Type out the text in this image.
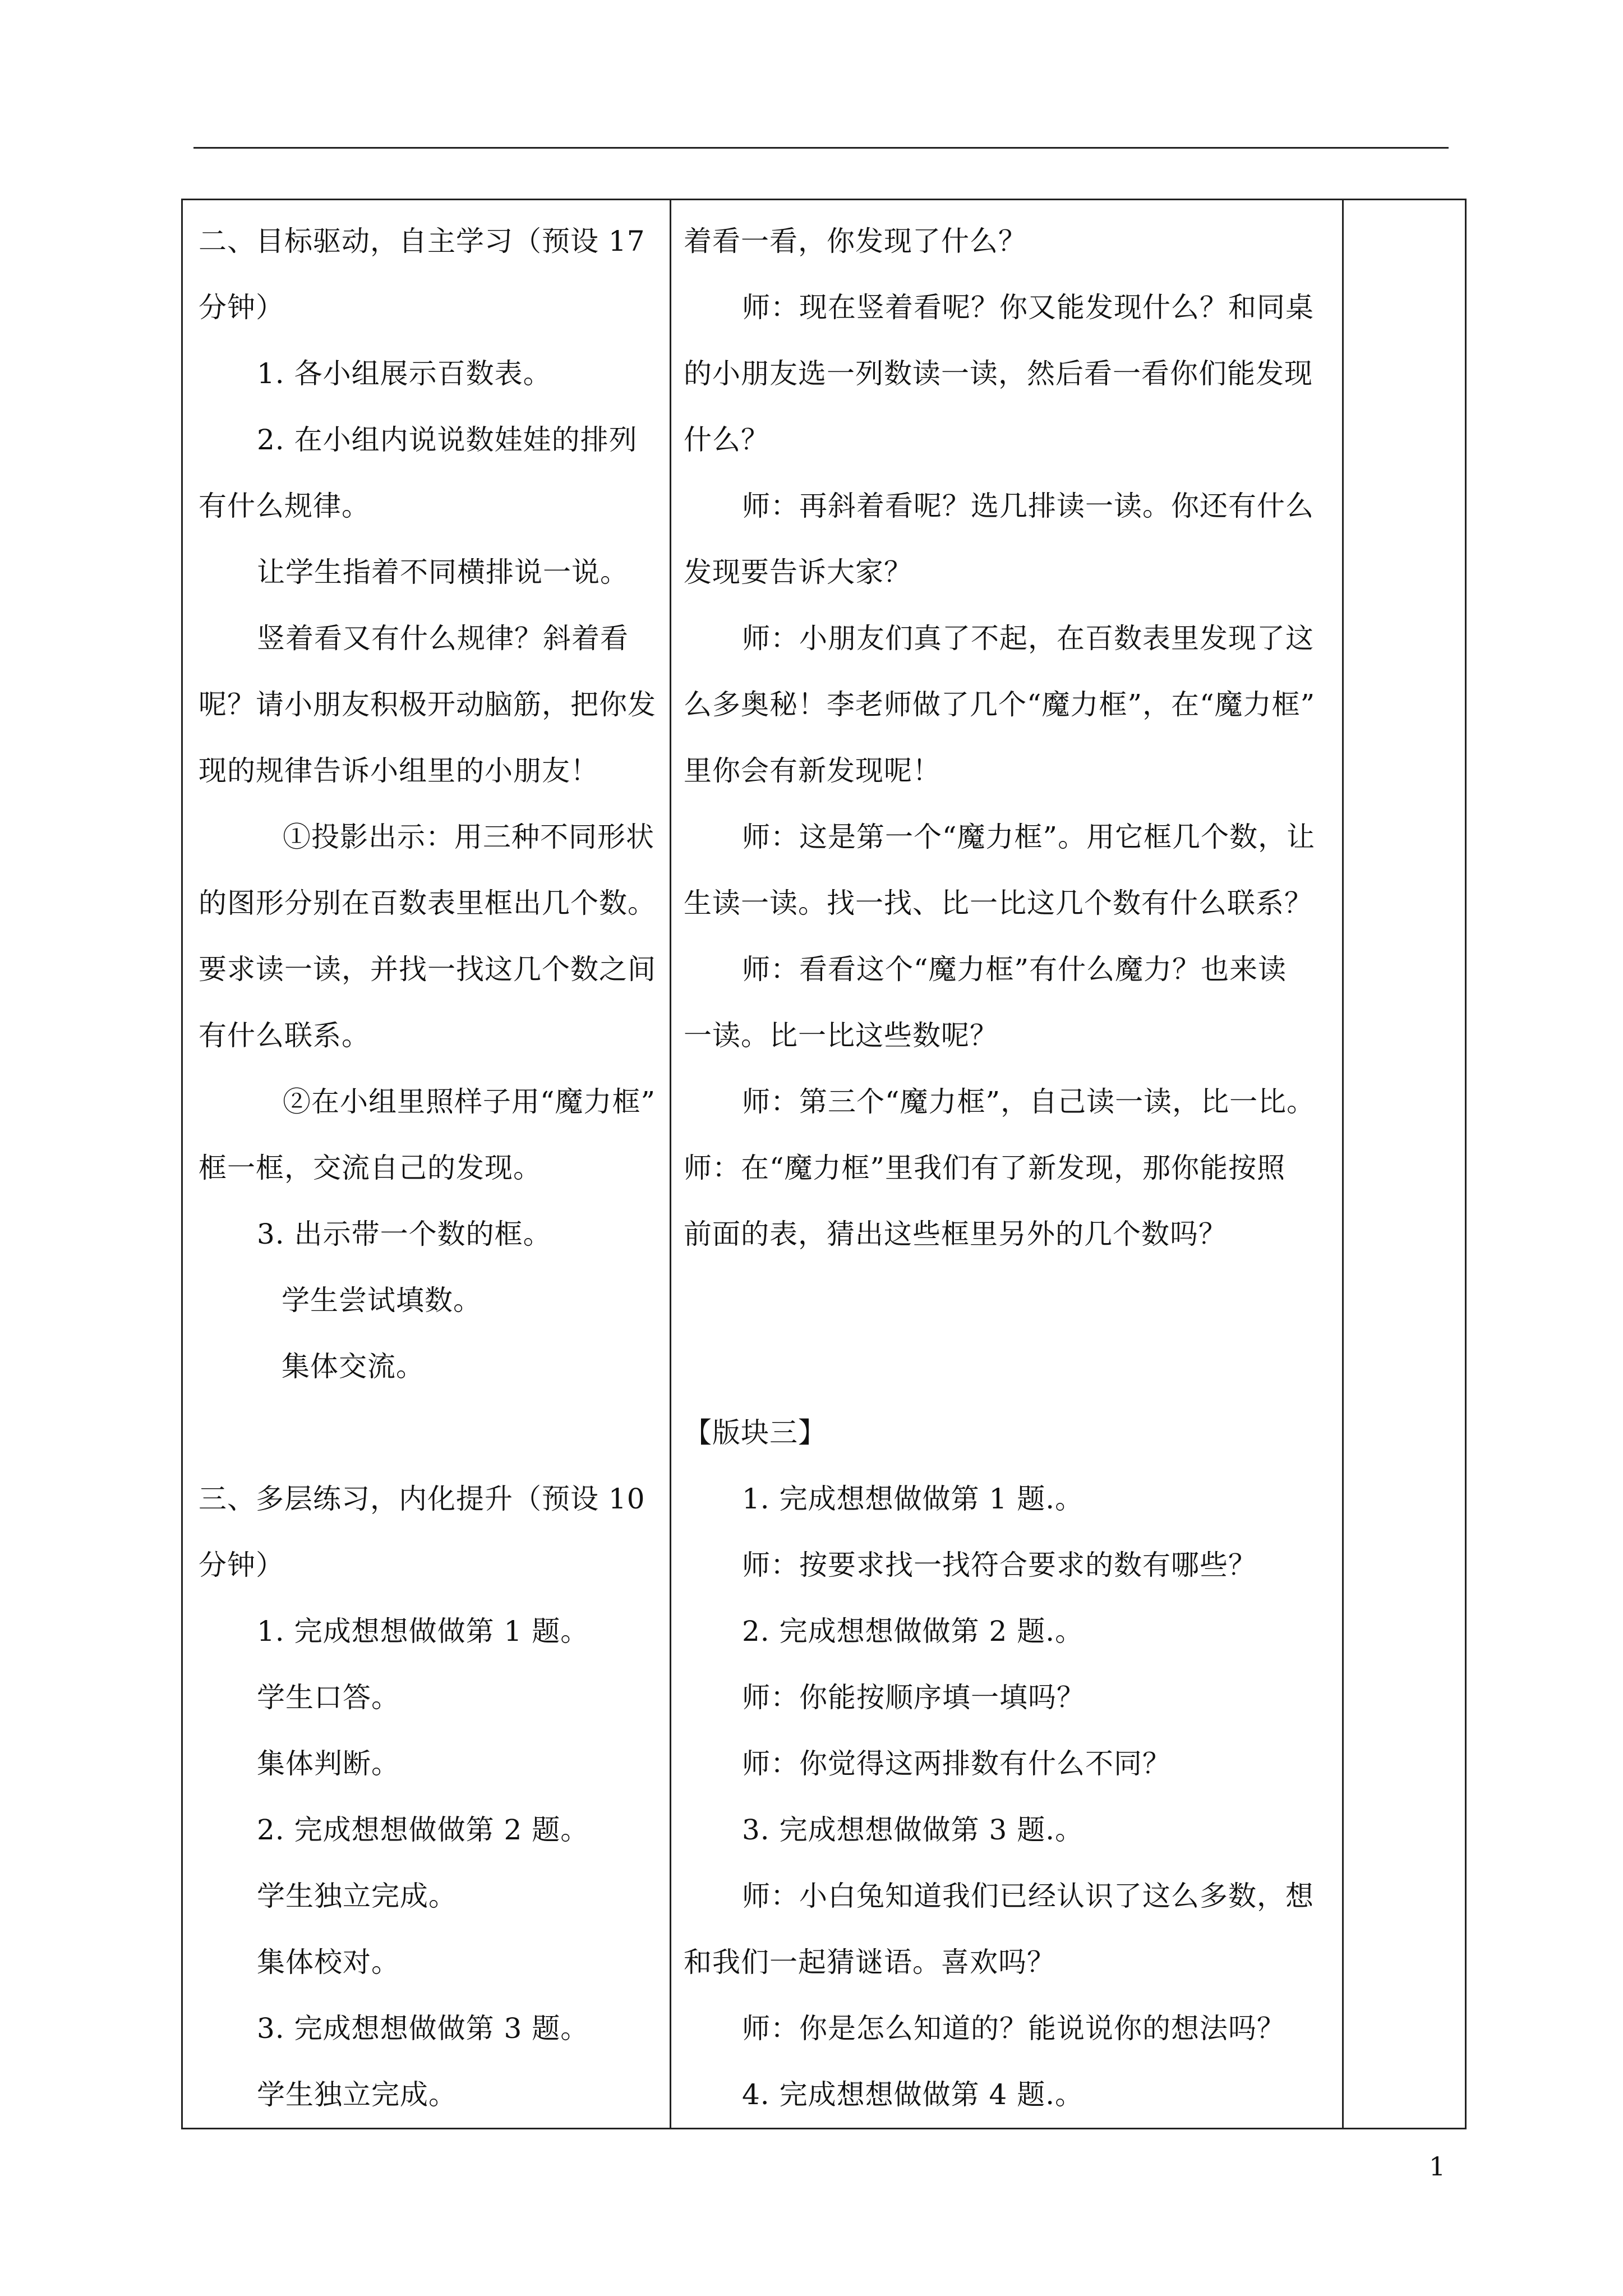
二、目标驱动，自主学习（预设 17

分钟）

1. 各小组展示百数表。

2. 在小组内说说数娃娃的排列

有什么规律。

让学生指着不同横排说一说。

竖着看又有什么规律？斜着看

呢？请小朋友积极开动脑筋，把你发

现的规律告诉小组里的小朋友！

①投影出示：用三种不同形状

的图形分别在百数表里框出几个数。

要求读一读，并找一找这几个数之间

有什么联系。

②在小组里照样子用“魔力框”

框一框，交流自己的发现。

3. 出示带一个数的框。

学生尝试填数。

集体交流。

三、多层练习，内化提升（预设 10

分钟）

1. 完成想想做做第 1 题。

学生口答。

集体判断。

2. 完成想想做做第 2 题。

学生独立完成。

集体校对。

3. 完成想想做做第 3 题。

学生独立完成。

着看一看，你发现了什么？

师：现在竖着看呢？你又能发现什么？和同桌

的小朋友选一列数读一读，然后看一看你们能发现

什么？

师：再斜着看呢？选几排读一读。你还有什么

发现要告诉大家？

师：小朋友们真了不起，在百数表里发现了这

么多奥秘！李老师做了几个“魔力框”，在“魔力框”

里你会有新发现呢！

师：这是第一个“魔力框”。用它框几个数，让

生读一读。找一找、比一比这几个数有什么联系？

师：看看这个“魔力框”有什么魔力？也来读

一读。比一比这些数呢？

师：第三个“魔力框”，自己读一读，比一比。

师：在“魔力框”里我们有了新发现，那你能按照

前面的表，猜出这些框里另外的几个数吗？

【版块三】

1. 完成想想做做第 1 题.。

师：按要求找一找符合要求的数有哪些？

2. 完成想想做做第 2 题.。

师：你能按顺序填一填吗？

师：你觉得这两排数有什么不同？

3. 完成想想做做第 3 题.。

师：小白兔知道我们已经认识了这么多数，想

和我们一起猜谜语。喜欢吗？

师：你是怎么知道的？能说说你的想法吗？

4. 完成想想做做第 4 题.。

1
